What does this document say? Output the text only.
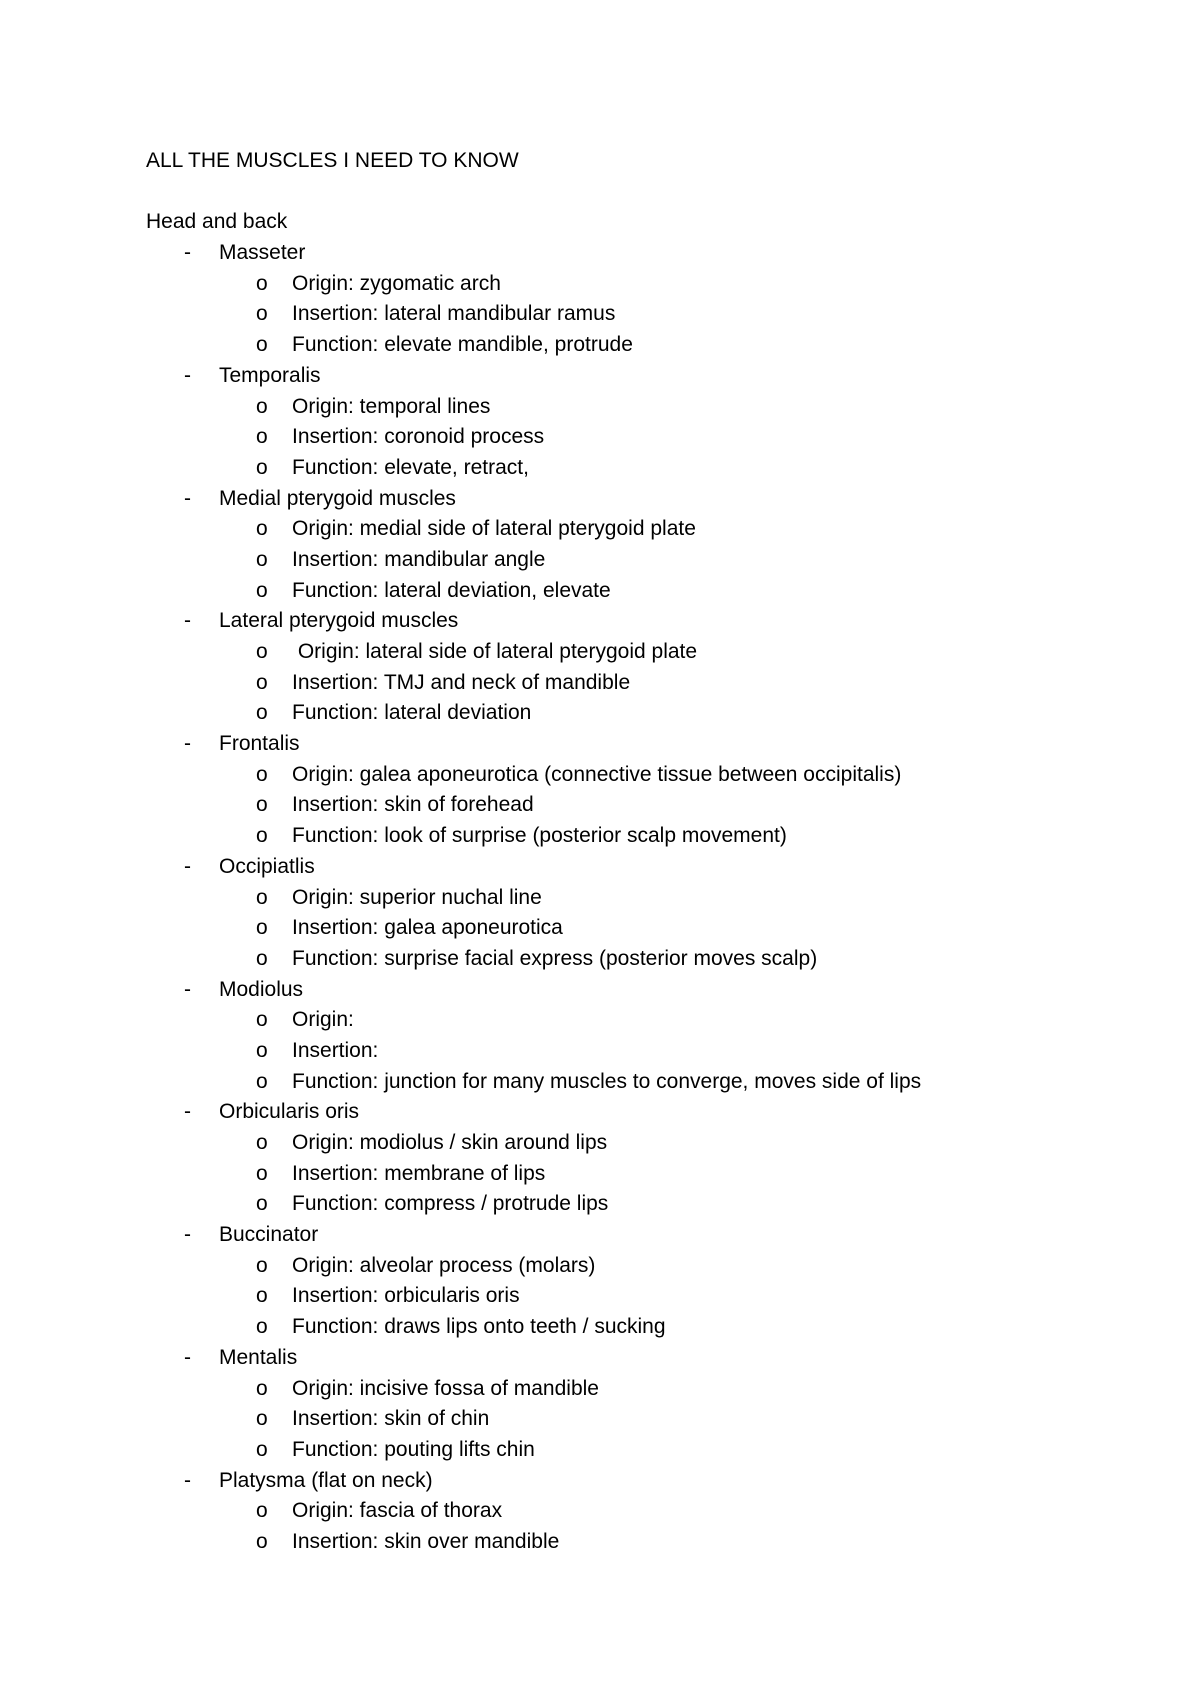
ALL THE MUSCLES I NEED TO KNOW
Head and back
- Masseter
o Origin: zygomatic arch
o Insertion: lateral mandibular ramus
o Function: elevate mandible, protrude
- Temporalis
o Origin: temporal lines
o Insertion: coronoid process
o Function: elevate, retract,
- Medial pterygoid muscles
o Origin: medial side of lateral pterygoid plate
o Insertion: mandibular angle
o Function: lateral deviation, elevate
- Lateral pterygoid muscles
o Origin: lateral side of lateral pterygoid plate
o Insertion: TMJ and neck of mandible
o Function: lateral deviation
- Frontalis
o Origin: galea aponeurotica (connective tissue between occipitalis)
o Insertion: skin of forehead
o Function: look of surprise (posterior scalp movement)
- Occipiatlis
o Origin: superior nuchal line
o Insertion: galea aponeurotica
o Function: surprise facial express (posterior moves scalp)
- Modiolus
o Origin:
o Insertion:
o Function: junction for many muscles to converge, moves side of lips
- Orbicularis oris
o Origin: modiolus / skin around lips
o Insertion: membrane of lips
o Function: compress / protrude lips
- Buccinator
o Origin: alveolar process (molars)
o Insertion: orbicularis oris
o Function: draws lips onto teeth / sucking
- Mentalis
o Origin: incisive fossa of mandible
o Insertion: skin of chin
o Function: pouting lifts chin
- Platysma (flat on neck)
o Origin: fascia of thorax
o Insertion: skin over mandible
